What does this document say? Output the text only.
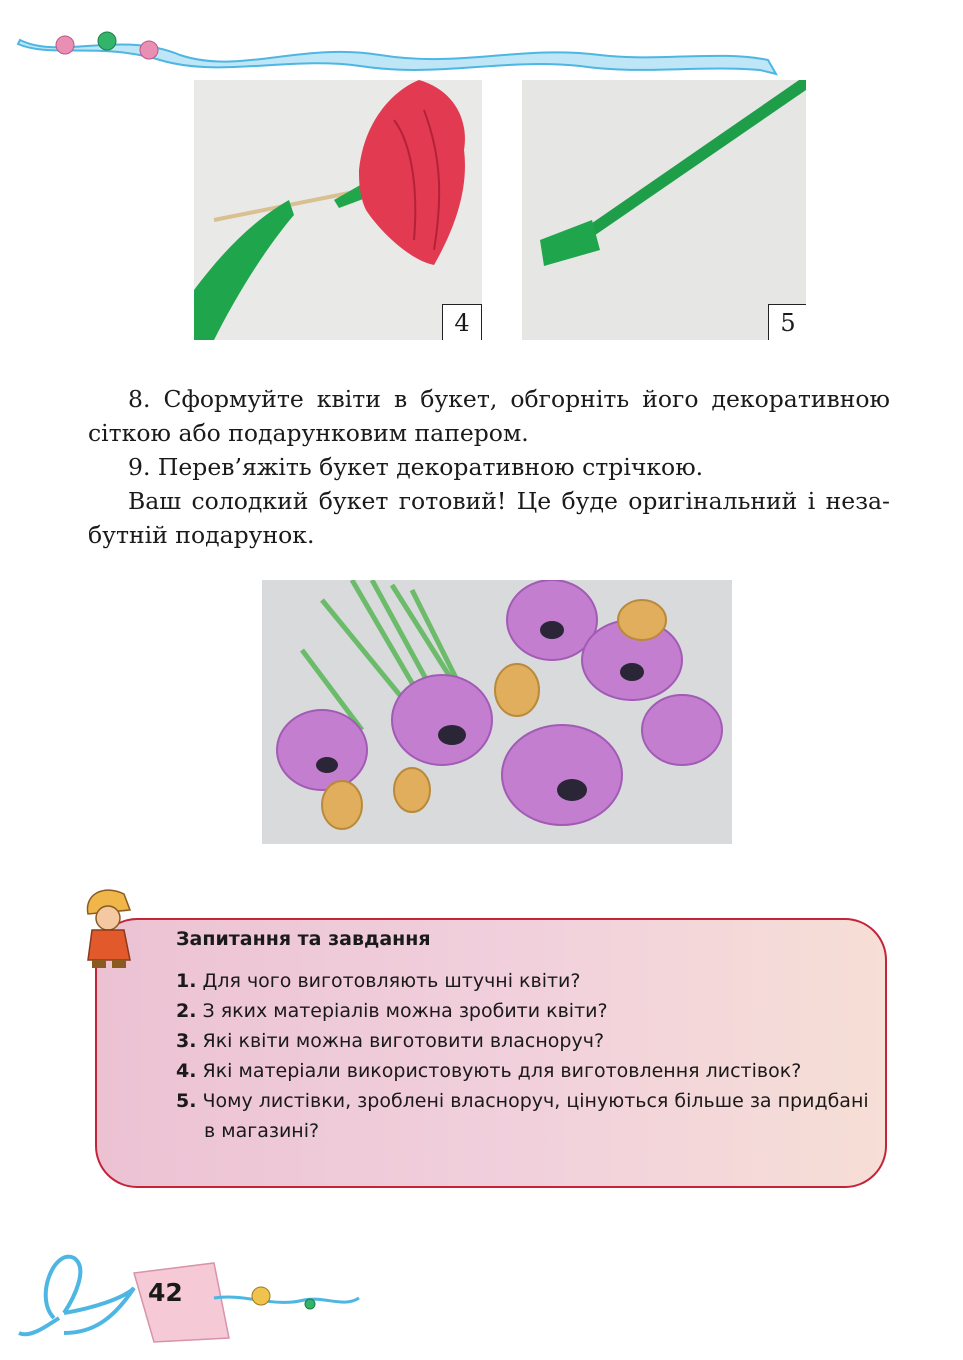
4	5
8. Сформуйте квіти в букет, обгорніть його декоративною сіткою або подарунковим папером.
9. Перев’яжіть букет декоративною стрічкою.
Ваш солодкий букет готовий! Це буде оригінальний і незабутній подарунок.
Запитання та завдання
1. Для чого виготовляють штучні квіти?
2. З яких матеріалів можна зробити квіти?
3. Які квіти можна виготовити власноруч?
4. Які матеріали використовують для виготовлення листівок?
5. Чому листівки, зроблені власноруч, цінуються більше за придбані в магазині?
42
